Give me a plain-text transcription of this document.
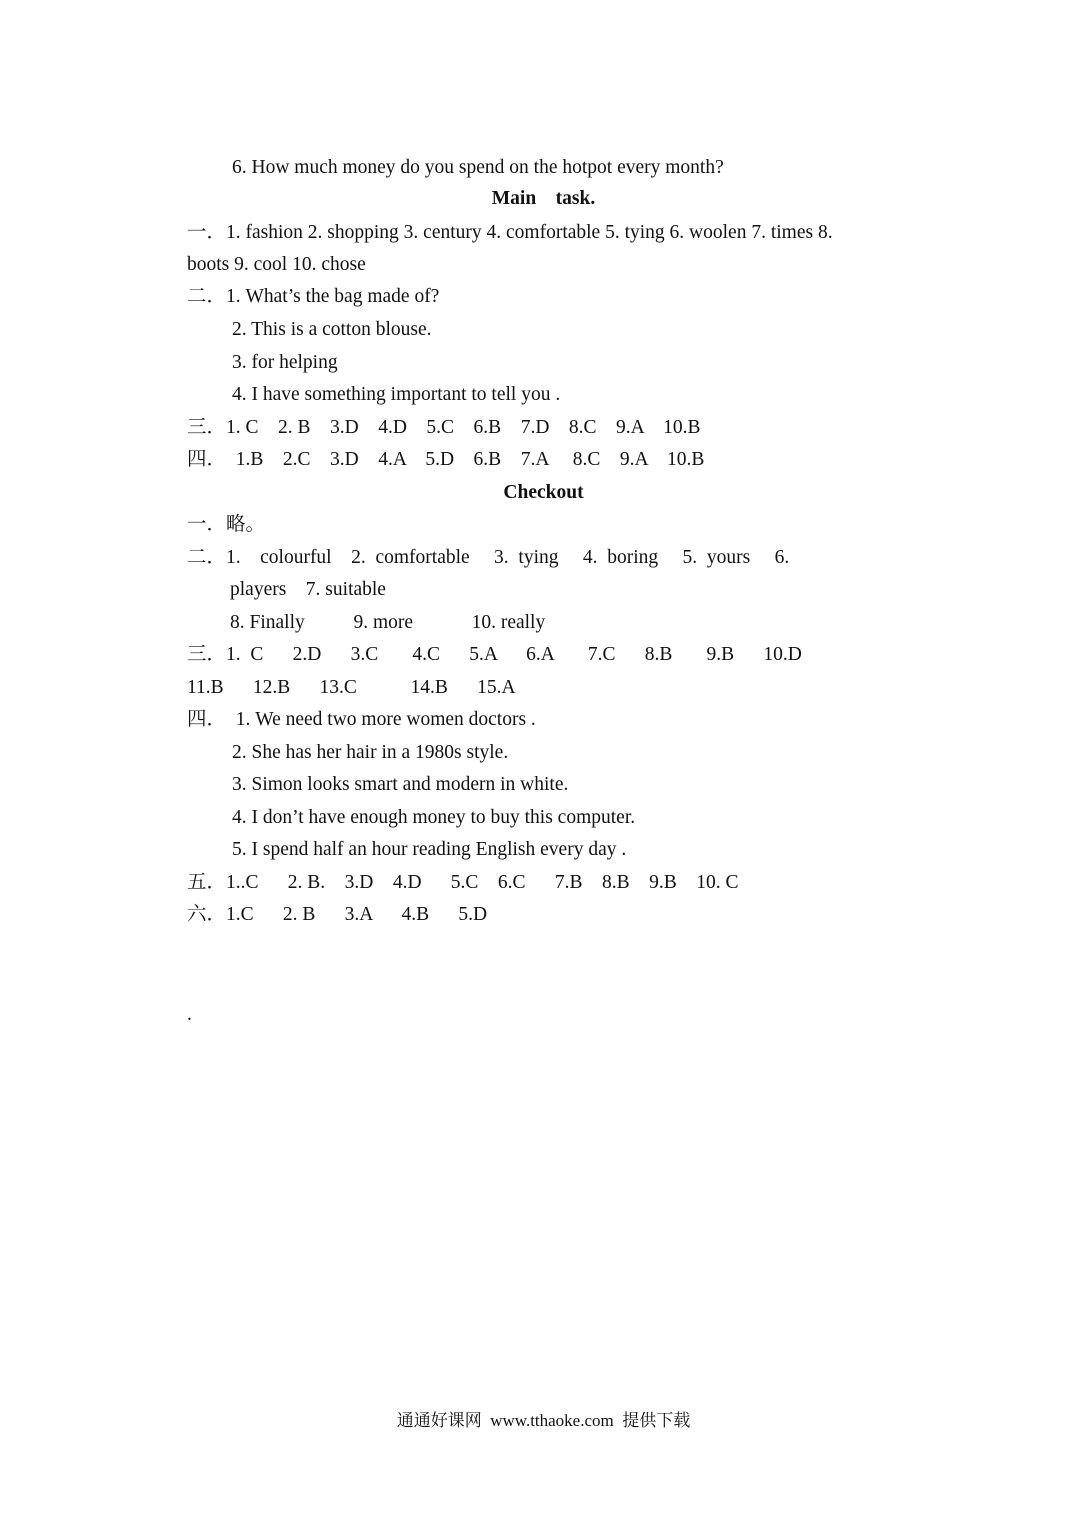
6. How much money do you spend on the hotpot every month?
Main    task.
一．1. fashion 2. shopping 3. century 4. comfortable 5. tying 6. woolen 7. times 8.
boots 9. cool 10. chose
二．1. What’s the bag made of?
2. This is a cotton blouse.
3. for helping
4. I have something important to tell you .
三．1. C    2. B    3.D    4.D    5.C    6.B    7.D    8.C    9.A    10.B
四．  1.B    2.C    3.D    4.A    5.D    6.B    7.A     8.C    9.A    10.B
Checkout
一．略。
二．1.    colourful    2.  comfortable     3.  tying     4.  boring     5.  yours     6.
players    7. suitable
8. Finally          9. more            10. really
三．1.  C      2.D      3.C       4.C      5.A      6.A       7.C      8.B       9.B      10.D
11.B      12.B      13.C           14.B      15.A
四．  1. We need two more women doctors .
2. She has her hair in a 1980s style.
3. Simon looks smart and modern in white.
4. I don’t have enough money to buy this computer.
5. I spend half an hour reading English every day .
五．1..C      2. B.    3.D    4.D      5.C    6.C      7.B    8.B    9.B    10. C
六．1.C      2. B      3.A      4.B      5.D
.
通通好课网  www.tthaoke.com  提供下载
